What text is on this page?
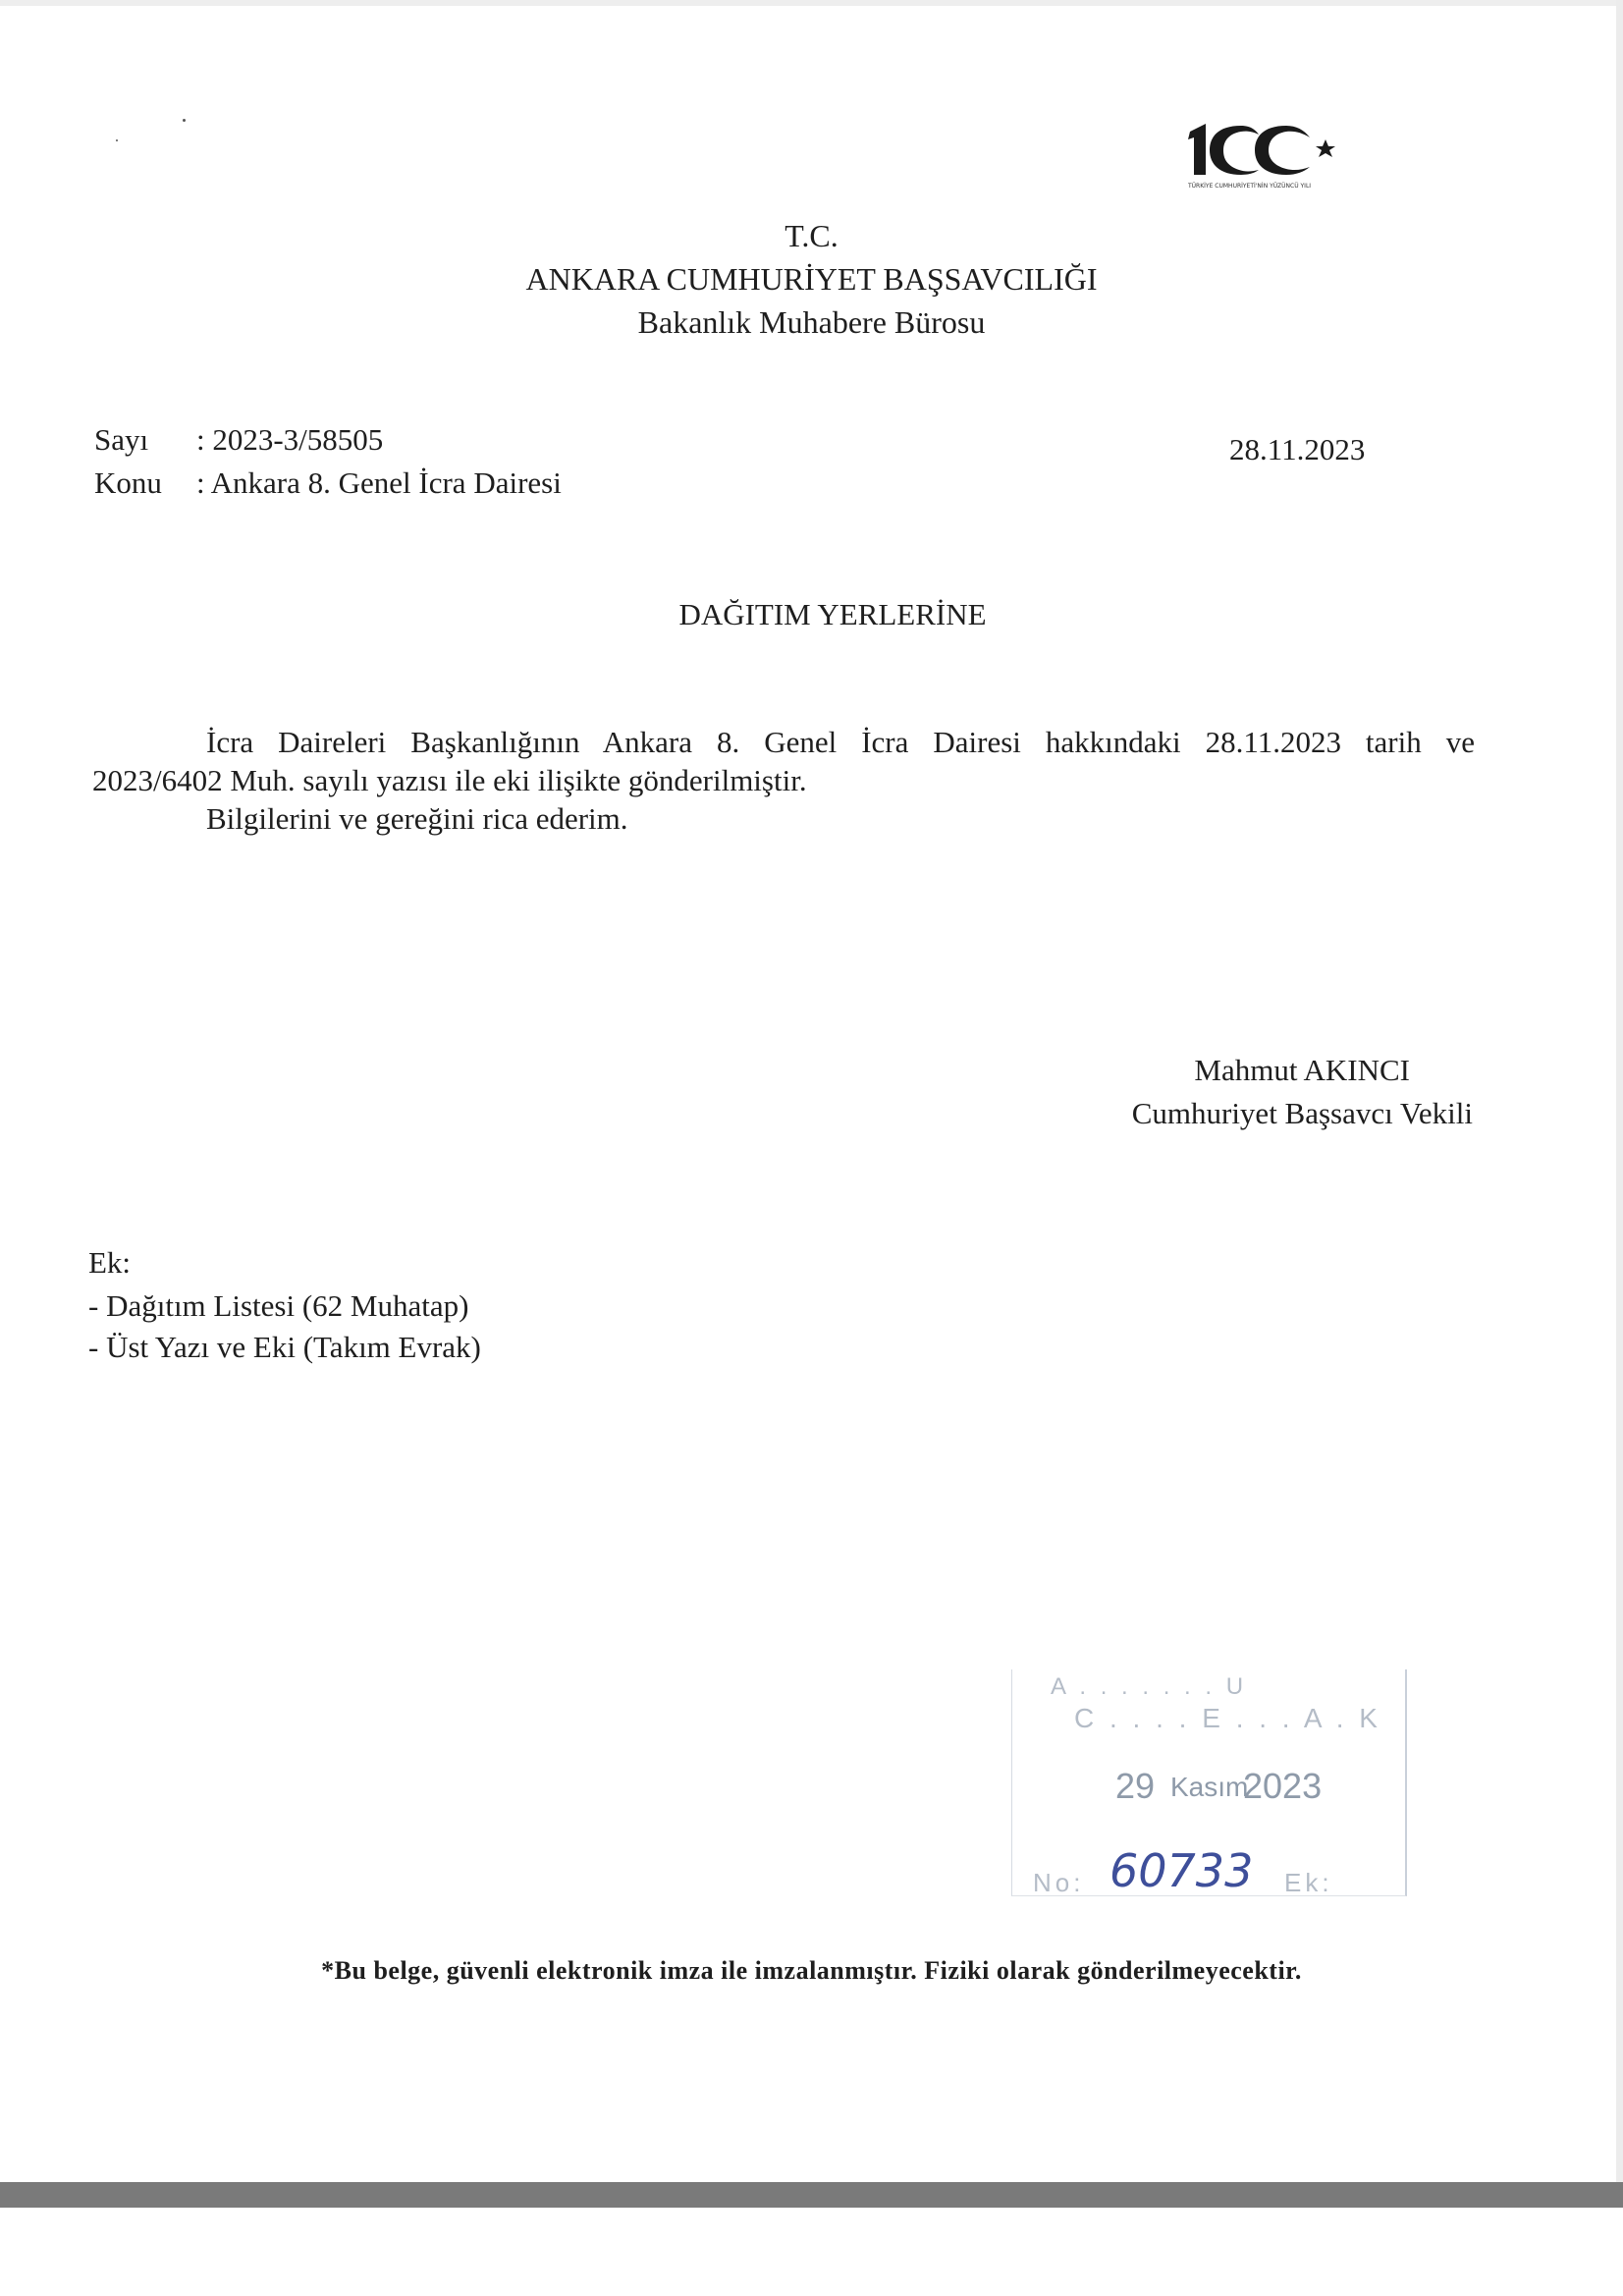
TÜRKİYE CUMHURİYETİ'NİN YÜZÜNCÜ YILI
T.C.
ANKARA CUMHURİYET BAŞSAVCILIĞI
Bakanlık Muhabere Bürosu
Sayı : 2023-3/58505
Konu : Ankara 8. Genel İcra Dairesi
28.11.2023
DAĞITIM YERLERİNE

İcra Daireleri Başkanlığının Ankara 8. Genel İcra Dairesi hakkındaki 28.11.2023 tarih ve

2023/6402 Muh. sayılı yazısı ile eki ilişikte gönderilmiştir.

Bilgilerini ve gereğini rica ederim.

Mahmut AKINCI
Cumhuriyet Başsavcı Vekili
Ek:
- Dağıtım Listesi (62 Muhatap)
- Üst Yazı ve Eki (Takım Evrak)
A . . . . . . . U
C . . . . E . . . A . K
29 Kasım
2023
No: 60733 Ek:
*Bu belge, güvenli elektronik imza ile imzalanmıştır. Fiziki olarak gönderilmeyecektir.
